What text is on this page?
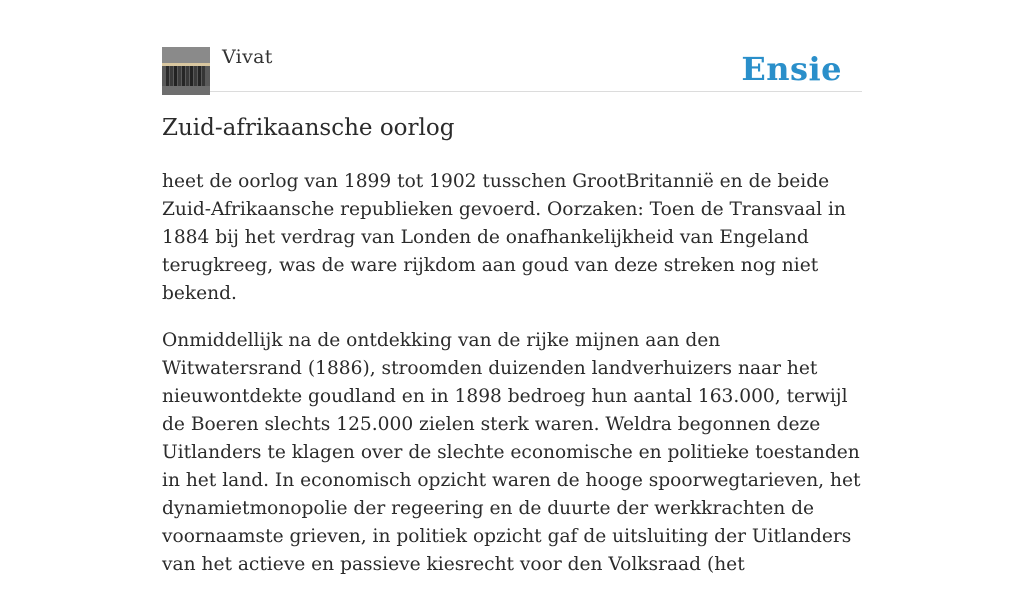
Vivat	Ensie
Zuid-afrikaansche oorlog

heet de oorlog van 1899 tot 1902 tusschen GrootBritannië en de beide Zuid-Afrikaansche republieken gevoerd. Oorzaken: Toen de Transvaal in 1884 bij het verdrag van Londen de onafhankelijkheid van Engeland terugkreeg, was de ware rijkdom aan goud van deze streken nog niet bekend.

Onmiddellijk na de ontdekking van de rijke mijnen aan den Witwatersrand (1886), stroomden duizenden landverhuizers naar het nieuwontdekte goudland en in 1898 bedroeg hun aantal 163.000, terwijl de Boeren slechts 125.000 zielen sterk waren. Weldra begonnen deze Uitlanders te klagen over de slechte economische en politieke toestanden in het land. In economisch opzicht waren de hooge spoorwegtarieven, het dynamietmonopolie der regeering en de duurte der werkkrachten de voornaamste grieven, in politiek opzicht gaf de uitsluiting der Uitlanders van het actieve en passieve kiesrecht voor den Volksraad (het
